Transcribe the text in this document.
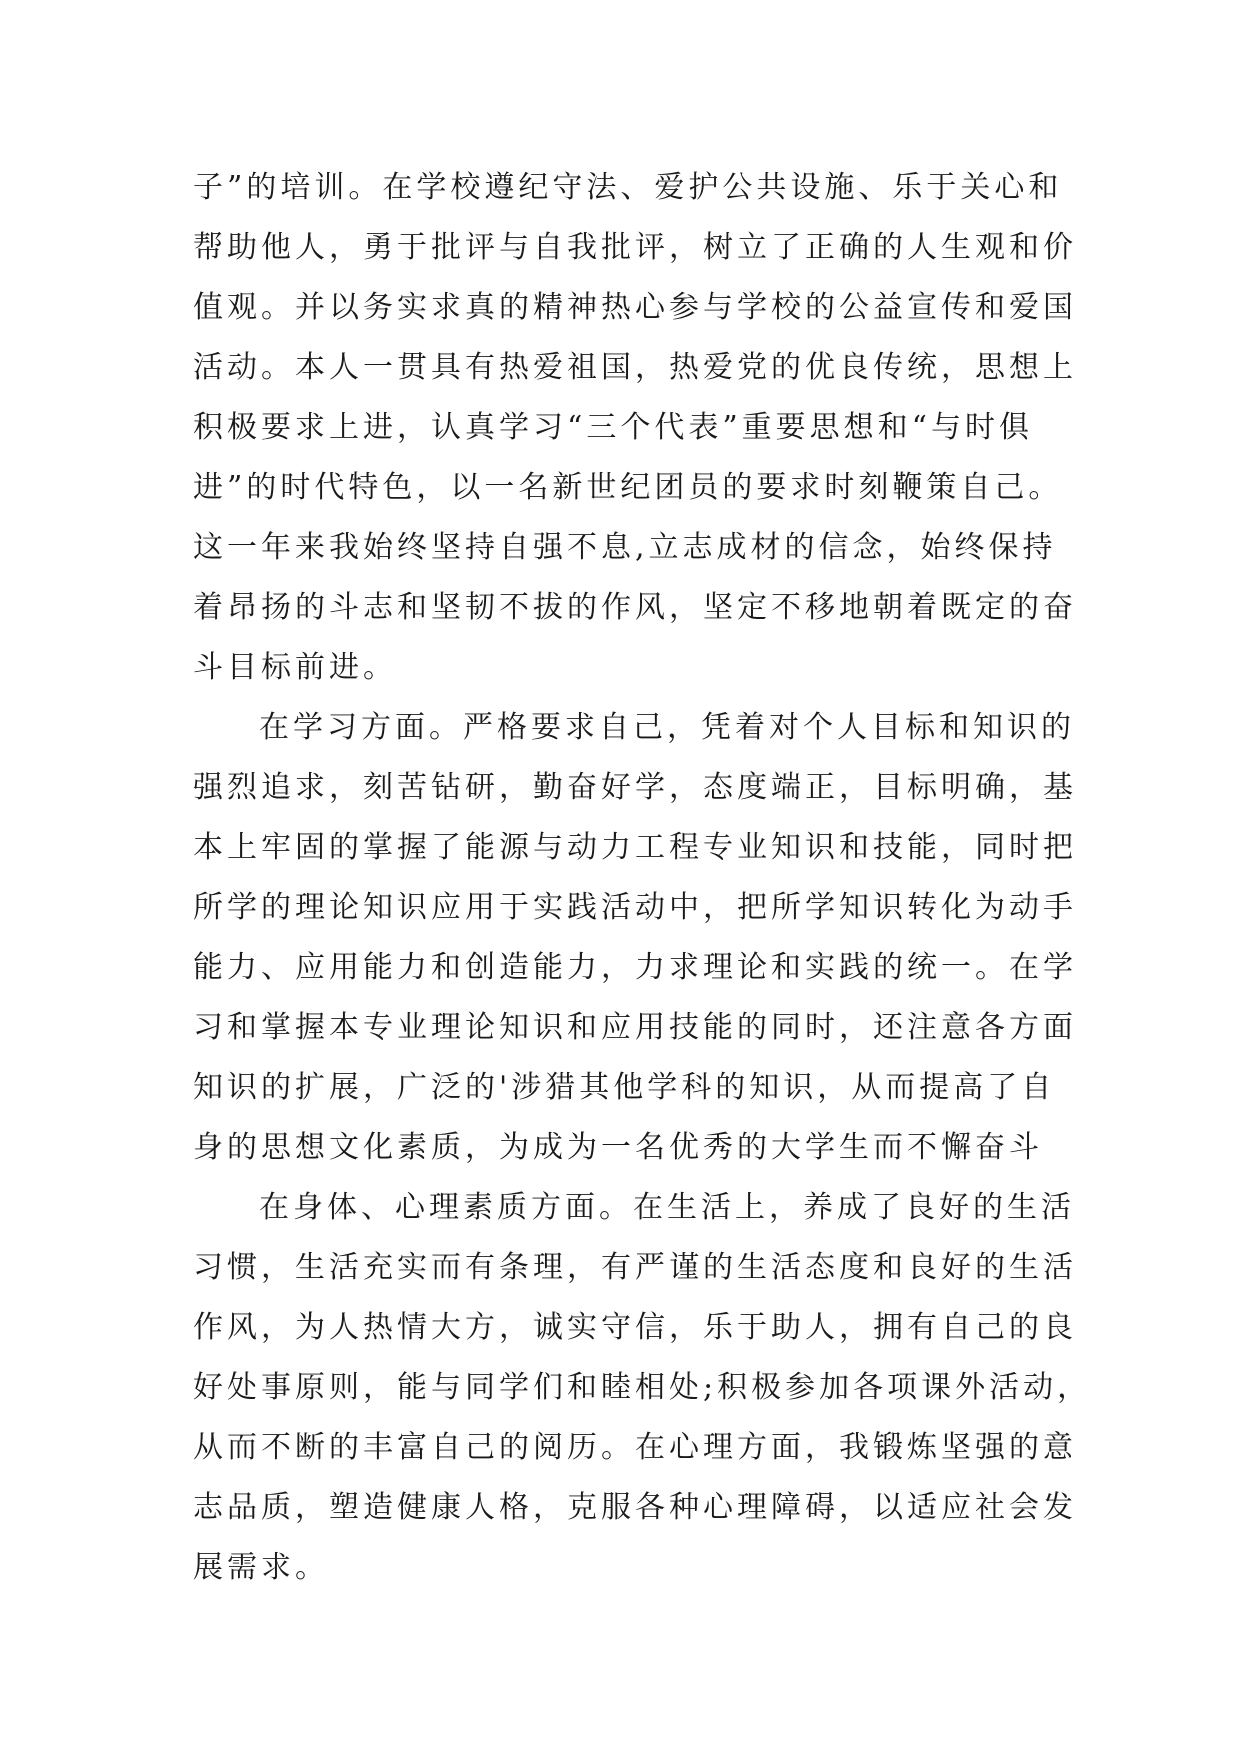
子”的培训。在学校遵纪守法、爱护公共设施、乐于关心和
帮助他人，勇于批评与自我批评，树立了正确的人生观和价
值观。并以务实求真的精神热心参与学校的公益宣传和爱国
活动。本人一贯具有热爱祖国，热爱党的优良传统，思想上
积极要求上进，认真学习“三个代表”重要思想和“与时俱
进”的时代特色，以一名新世纪团员的要求时刻鞭策自己。
这一年来我始终坚持自强不息,立志成材的信念，始终保持
着昂扬的斗志和坚韧不拔的作风，坚定不移地朝着既定的奋
斗目标前进。
在学习方面。严格要求自己，凭着对个人目标和知识的
强烈追求，刻苦钻研，勤奋好学，态度端正，目标明确，基
本上牢固的掌握了能源与动力工程专业知识和技能，同时把
所学的理论知识应用于实践活动中，把所学知识转化为动手
能力、应用能力和创造能力，力求理论和实践的统一。在学
习和掌握本专业理论知识和应用技能的同时，还注意各方面
知识的扩展，广泛的'涉猎其他学科的知识，从而提高了自
身的思想文化素质，为成为一名优秀的大学生而不懈奋斗
在身体、心理素质方面。在生活上，养成了良好的生活
习惯，生活充实而有条理，有严谨的生活态度和良好的生活
作风，为人热情大方，诚实守信，乐于助人，拥有自己的良
好处事原则，能与同学们和睦相处;积极参加各项课外活动，
从而不断的丰富自己的阅历。在心理方面，我锻炼坚强的意
志品质，塑造健康人格，克服各种心理障碍，以适应社会发
展需求。
